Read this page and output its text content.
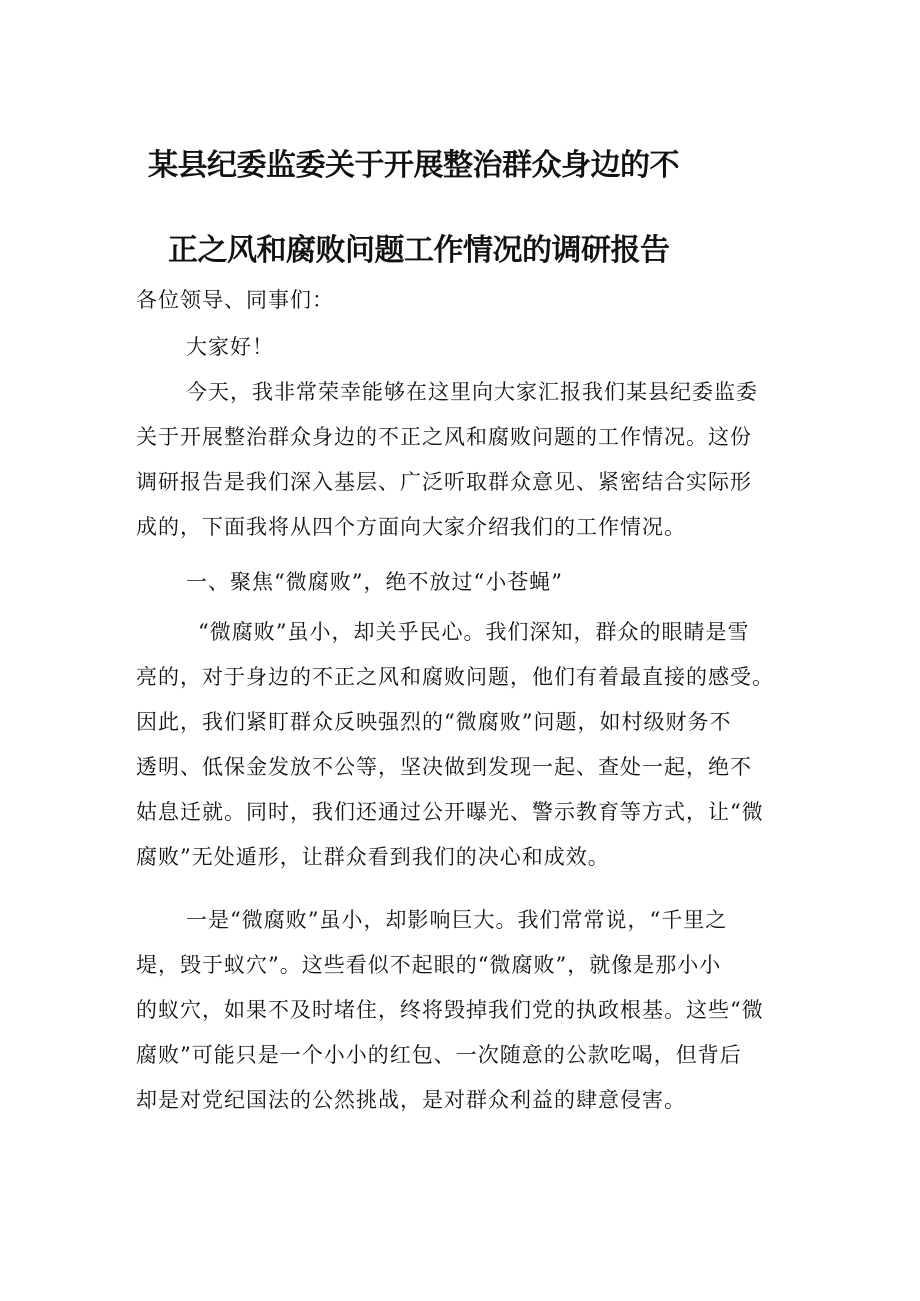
某县纪委监委关于开展整治群众身边的不
正之风和腐败问题工作情况的调研报告
各位领导、同事们：
大家好！
今天，我非常荣幸能够在这里向大家汇报我们某县纪委监委
关于开展整治群众身边的不正之风和腐败问题的工作情况。这份
调研报告是我们深入基层、广泛听取群众意见、紧密结合实际形
成的，下面我将从四个方面向大家介绍我们的工作情况。
一、聚焦“微腐败”，绝不放过“小苍蝇”
“微腐败”虽小，却关乎民心。我们深知，群众的眼睛是雪
亮的，对于身边的不正之风和腐败问题，他们有着最直接的感受。
因此，我们紧盯群众反映强烈的“微腐败”问题，如村级财务不
透明、低保金发放不公等，坚决做到发现一起、查处一起，绝不
姑息迁就。同时，我们还通过公开曝光、警示教育等方式，让“微
腐败”无处遁形，让群众看到我们的决心和成效。
一是“微腐败”虽小，却影响巨大。我们常常说，“千里之
堤，毁于蚁穴”。这些看似不起眼的“微腐败”，就像是那小小
的蚁穴，如果不及时堵住，终将毁掉我们党的执政根基。这些“微
腐败”可能只是一个小小的红包、一次随意的公款吃喝，但背后
却是对党纪国法的公然挑战，是对群众利益的肆意侵害。
